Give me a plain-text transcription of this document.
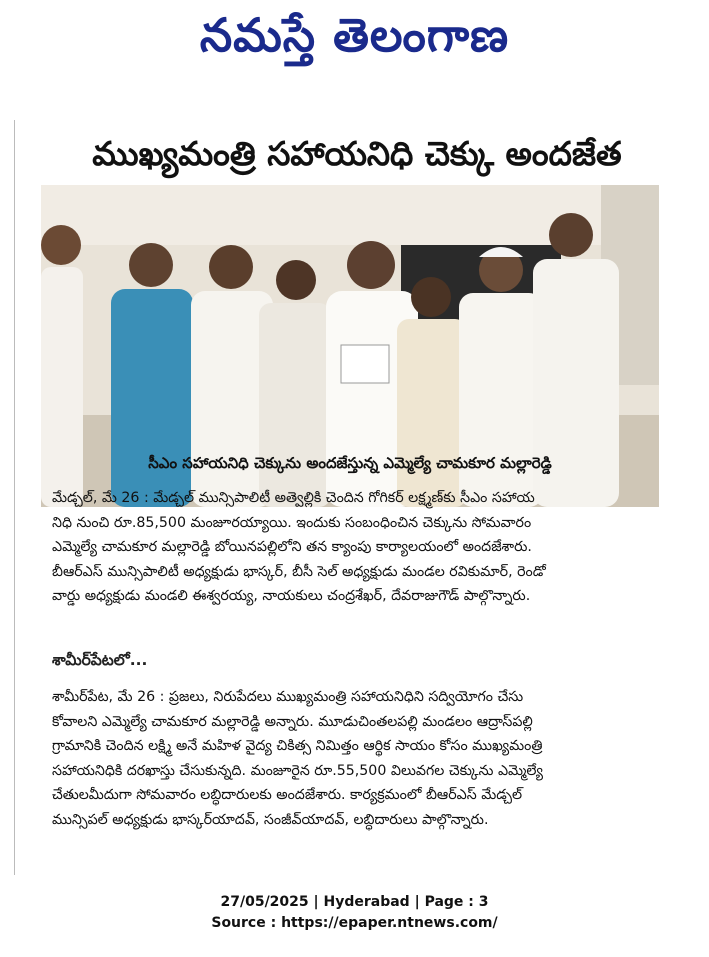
నమస్తే తెలంగాణ
ముఖ్యమంత్రి సహాయనిధి చెక్కు అందజేత
సీఎం సహాయనిధి చెక్కును అందజేస్తున్న ఎమ్మెల్యే చామకూర మల్లారెడ్డి
మేడ్చల్, మే 26 : మేడ్చల్ మున్సిపాలిటీ అత్వెల్లికి చెందిన గోగికర్ లక్ష్మణ్‌కు సీఎం సహాయ
నిధి నుంచి రూ.85,500 మంజూరయ్యాయి. ఇందుకు సంబంధించిన చెక్కును సోమవారం
ఎమ్మెల్యే చామకూర మల్లారెడ్డి బోయినపల్లిలోని తన క్యాంపు కార్యాలయంలో అందజేశారు.
బీఆర్ఎస్ మున్సిపాలిటీ అధ్యక్షుడు భాస్కర్, బీసీ సెల్ అధ్యక్షుడు మండల రవికుమార్, రెండో
వార్డు అధ్యక్షుడు మండలి ఈశ్వరయ్య, నాయకులు చంద్రశేఖర్, దేవరాజుగౌడ్ పాల్గొన్నారు.
శామీర్‌పేటలో...
శామీర్‌పేట, మే 26 : ప్రజలు, నిరుపేదలు ముఖ్యమంత్రి సహాయనిధిని సద్వియోగం చేసు
కోవాలని ఎమ్మెల్యే చామకూర మల్లారెడ్డి అన్నారు. మూడుచింతలపల్లి మండలం ఆద్రాస్‌పల్లి
గ్రామానికి చెందిన లక్ష్మి అనే మహిళ వైద్య చికిత్స నిమిత్తం ఆర్థిక సాయం కోసం ముఖ్యమంత్రి
సహాయనిధికి దరఖాస్తు చేసుకున్నది. మంజూరైన రూ.55,500 విలువగల చెక్కును ఎమ్మెల్యే
చేతులమీదుగా సోమవారం లబ్ధిదారులకు అందజేశారు. కార్యక్రమంలో బీఆర్ఎస్ మేడ్చల్
మున్సిపల్ అధ్యక్షుడు భాస్కర్‌యాదవ్, సంజీవ్‌యాదవ్, లబ్ధిదారులు పాల్గొన్నారు.
27/05/2025 | Hyderabad | Page : 3
Source : https://epaper.ntnews.com/
